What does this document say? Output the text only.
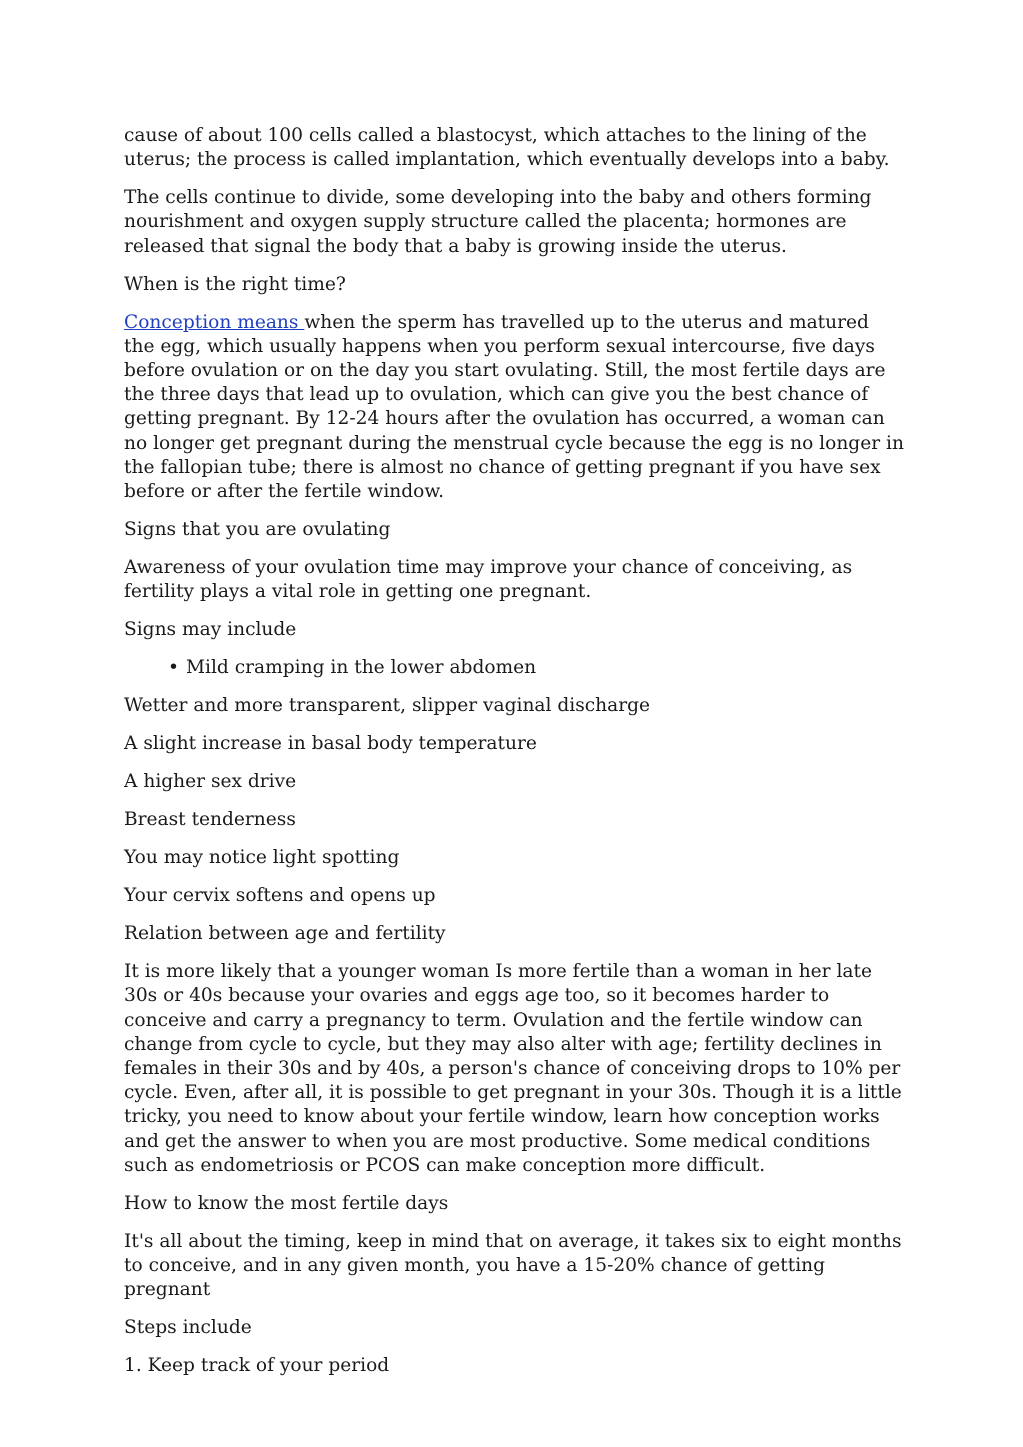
cause of about 100 cells called a blastocyst, which attaches to the lining of the uterus; the process is called implantation, which eventually develops into a baby.

The cells continue to divide, some developing into the baby and others forming nourishment and oxygen supply structure called the placenta; hormones are released that signal the body that a baby is growing inside the uterus.

When is the right time?

Conception means when the sperm has travelled up to the uterus and matured the egg, which usually happens when you perform sexual intercourse, five days before ovulation or on the day you start ovulating. Still, the most fertile days are the three days that lead up to ovulation, which can give you the best chance of getting pregnant. By 12-24 hours after the ovulation has occurred, a woman can no longer get pregnant during the menstrual cycle because the egg is no longer in the fallopian tube; there is almost no chance of getting pregnant if you have sex before or after the fertile window.

Signs that you are ovulating

Awareness of your ovulation time may improve your chance of conceiving, as fertility plays a vital role in getting one pregnant.

Signs may include

• Mild cramping in the lower abdomen

Wetter and more transparent, slipper vaginal discharge

A slight increase in basal body temperature

A higher sex drive

Breast tenderness

You may notice light spotting

Your cervix softens and opens up

Relation between age and fertility

It is more likely that a younger woman Is more fertile than a woman in her late 30s or 40s because your ovaries and eggs age too, so it becomes harder to conceive and carry a pregnancy to term. Ovulation and the fertile window can change from cycle to cycle, but they may also alter with age; fertility declines in females in their 30s and by 40s, a person's chance of conceiving drops to 10% per cycle. Even, after all, it is possible to get pregnant in your 30s. Though it is a little tricky, you need to know about your fertile window, learn how conception works and get the answer to when you are most productive. Some medical conditions such as endometriosis or PCOS can make conception more difficult.

How to know the most fertile days

It's all about the timing, keep in mind that on average, it takes six to eight months to conceive, and in any given month, you have a 15-20% chance of getting pregnant

Steps include

1. Keep track of your period
